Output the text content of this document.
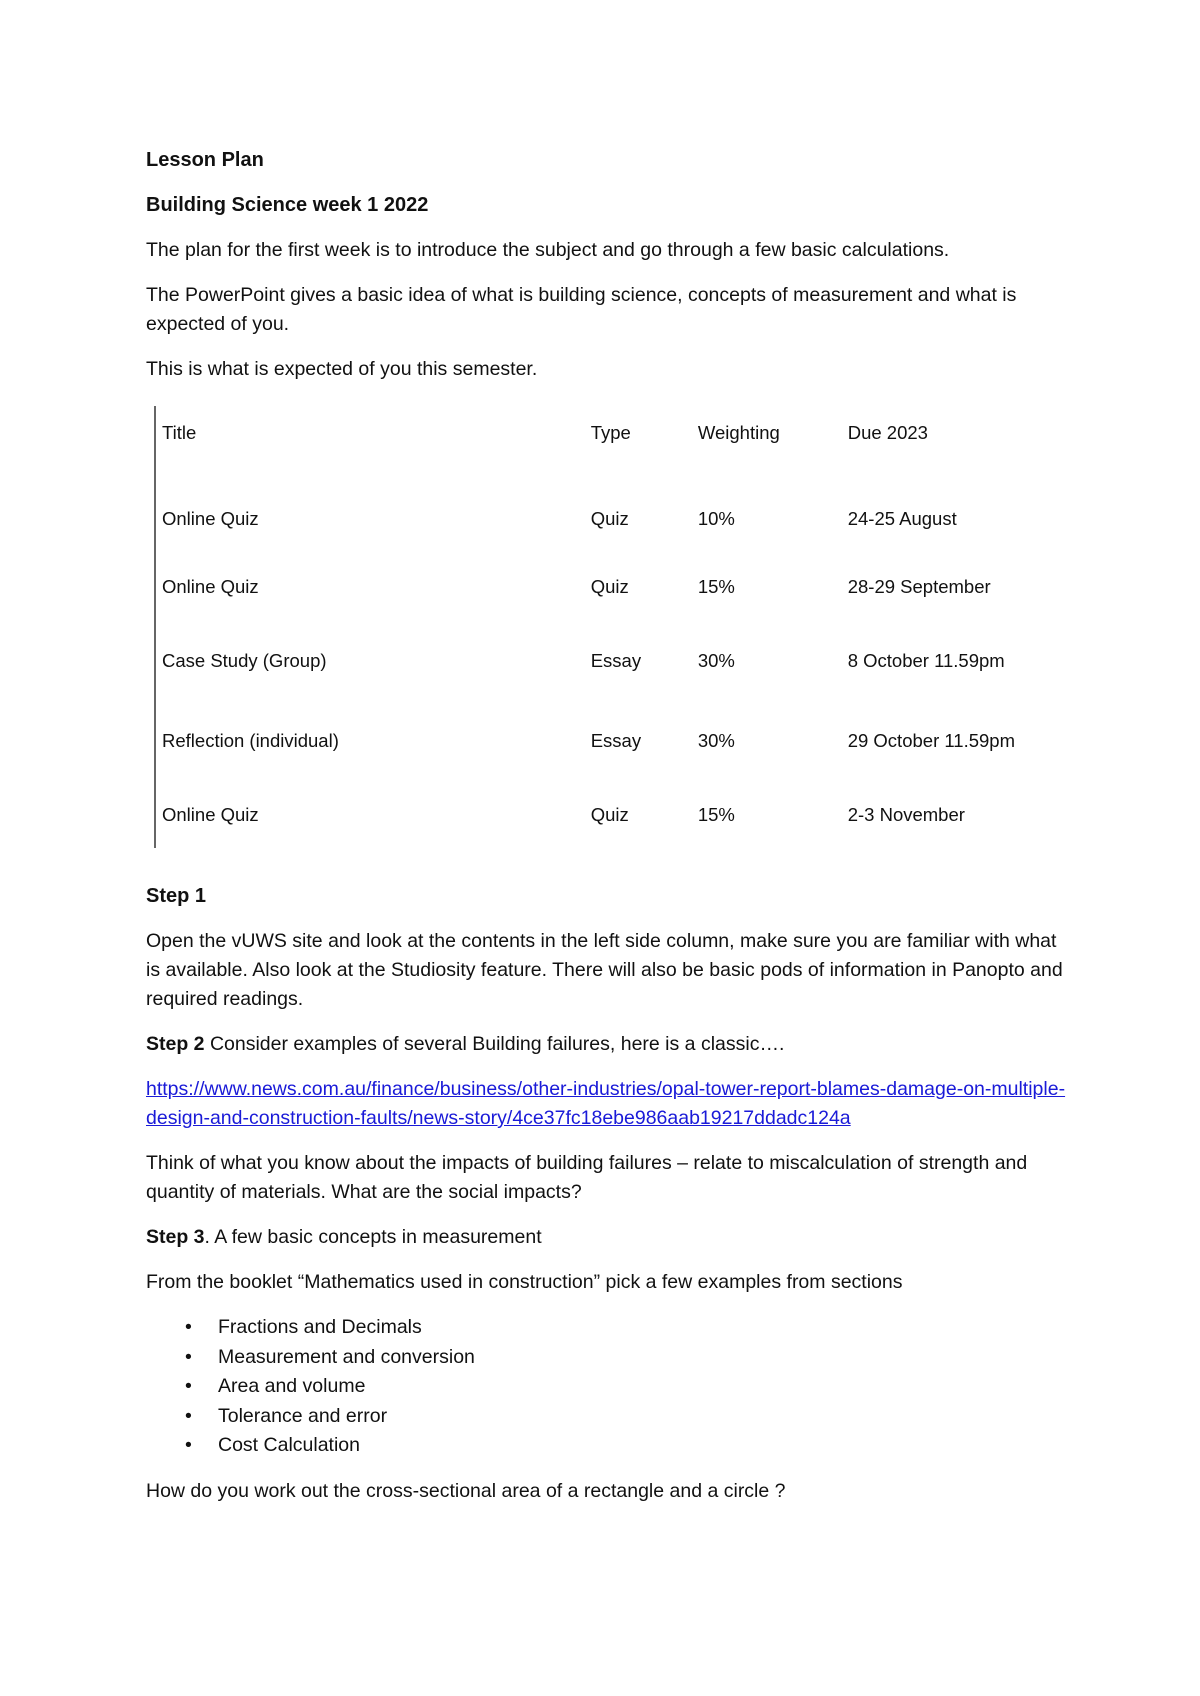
Lesson Plan
Building Science week 1 2022

The plan for the first week is to introduce the subject and go through a few basic calculations.

The PowerPoint gives a basic idea of what is building science, concepts of measurement and what is expected of you.

This is what is expected of you this semester.

Title	Type	Weighting	Due 2023
Online Quiz	Quiz	10%	24-25 August
Online Quiz	Quiz	15%	28-29 September
Case Study (Group)	Essay	30%	8 October 11.59pm
Reflection (individual)	Essay	30%	29 October 11.59pm
Online Quiz	Quiz	15%	2-3 November
Step 1

Open the vUWS site and look at the contents in the left side column, make sure you are familiar with what is available. Also look at the Studiosity feature. There will also be basic pods of information in Panopto and required readings.

Step 2 Consider examples of several Building failures, here is a classic….

https://www.news.com.au/finance/business/other-industries/opal-tower-report-blames-damage-on-multiple-design-and-construction-faults/news-story/4ce37fc18ebe986aab19217ddadc124a

Think of what you know about the impacts of building failures – relate to miscalculation of strength and quantity of materials. What are the social impacts?

Step 3. A few basic concepts in measurement

From the booklet “Mathematics used in construction” pick a few examples from sections

• Fractions and Decimals
• Measurement and conversion
• Area and volume
• Tolerance and error
• Cost Calculation

How do you work out the cross-sectional area of a rectangle and a circle ?
